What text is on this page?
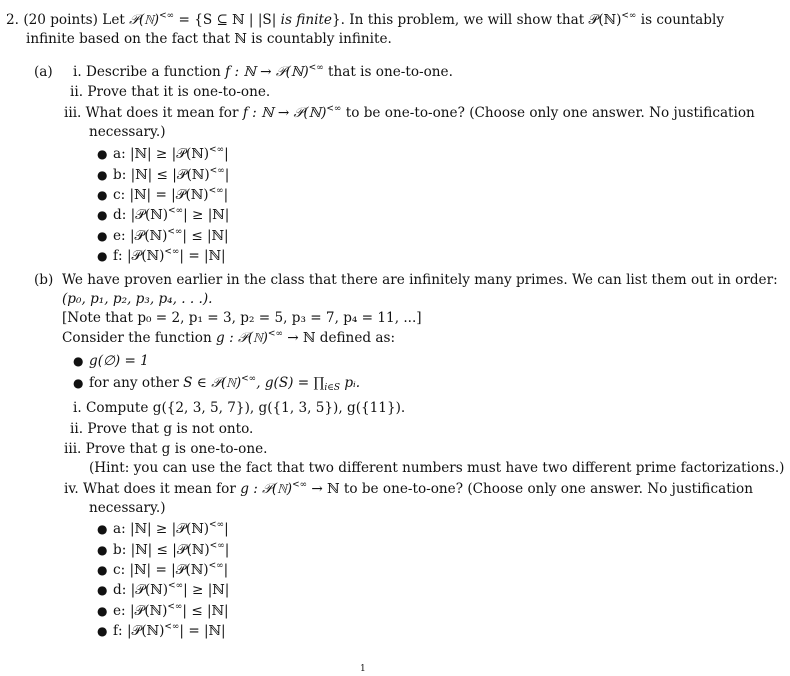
2. (20 points) Let 𝒫(ℕ)<∞ = {S ⊆ ℕ | |S| is finite}. In this problem, we will show that 𝒫(ℕ)<∞ is countably
infinite based on the fact that ℕ is countably infinite.
(a) i. Describe a function f : ℕ → 𝒫(ℕ)<∞ that is one-to-one.
ii. Prove that it is one-to-one.
iii. What does it mean for f : ℕ → 𝒫(ℕ)<∞ to be one-to-one? (Choose only one answer. No justification
necessary.)
● a: |ℕ| ≥ |𝒫(ℕ)<∞|
● b: |ℕ| ≤ |𝒫(ℕ)<∞|
● c: |ℕ| = |𝒫(ℕ)<∞|
● d: |𝒫(ℕ)<∞| ≥ |ℕ|
● e: |𝒫(ℕ)<∞| ≤ |ℕ|
● f: |𝒫(ℕ)<∞| = |ℕ|
(b) We have proven earlier in the class that there are infinitely many primes. We can list them out in order:
(p₀, p₁, p₂, p₃, p₄, . . .).
[Note that p₀ = 2, p₁ = 3, p₂ = 5, p₃ = 7, p₄ = 11, ...]
Consider the function g : 𝒫(ℕ)<∞ → ℕ defined as:
● g(∅) = 1
● for any other S ∈ 𝒫(ℕ)<∞, $g(S) = \prod_{i\in S}$ pᵢ.
i. Compute g({2, 3, 5, 7}), g({1, 3, 5}), g({11}).
ii. Prove that g is not onto.
iii. Prove that g is one-to-one.
(Hint: you can use the fact that two different numbers must have two different prime factorizations.)
iv. What does it mean for g : 𝒫(ℕ)<∞ → ℕ to be one-to-one? (Choose only one answer. No justification
necessary.)
● a: |ℕ| ≥ |𝒫(ℕ)<∞|
● b: |ℕ| ≤ |𝒫(ℕ)<∞|
● c: |ℕ| = |𝒫(ℕ)<∞|
● d: |𝒫(ℕ)<∞| ≥ |ℕ|
● e: |𝒫(ℕ)<∞| ≤ |ℕ|
● f: |𝒫(ℕ)<∞| = |ℕ|
1
